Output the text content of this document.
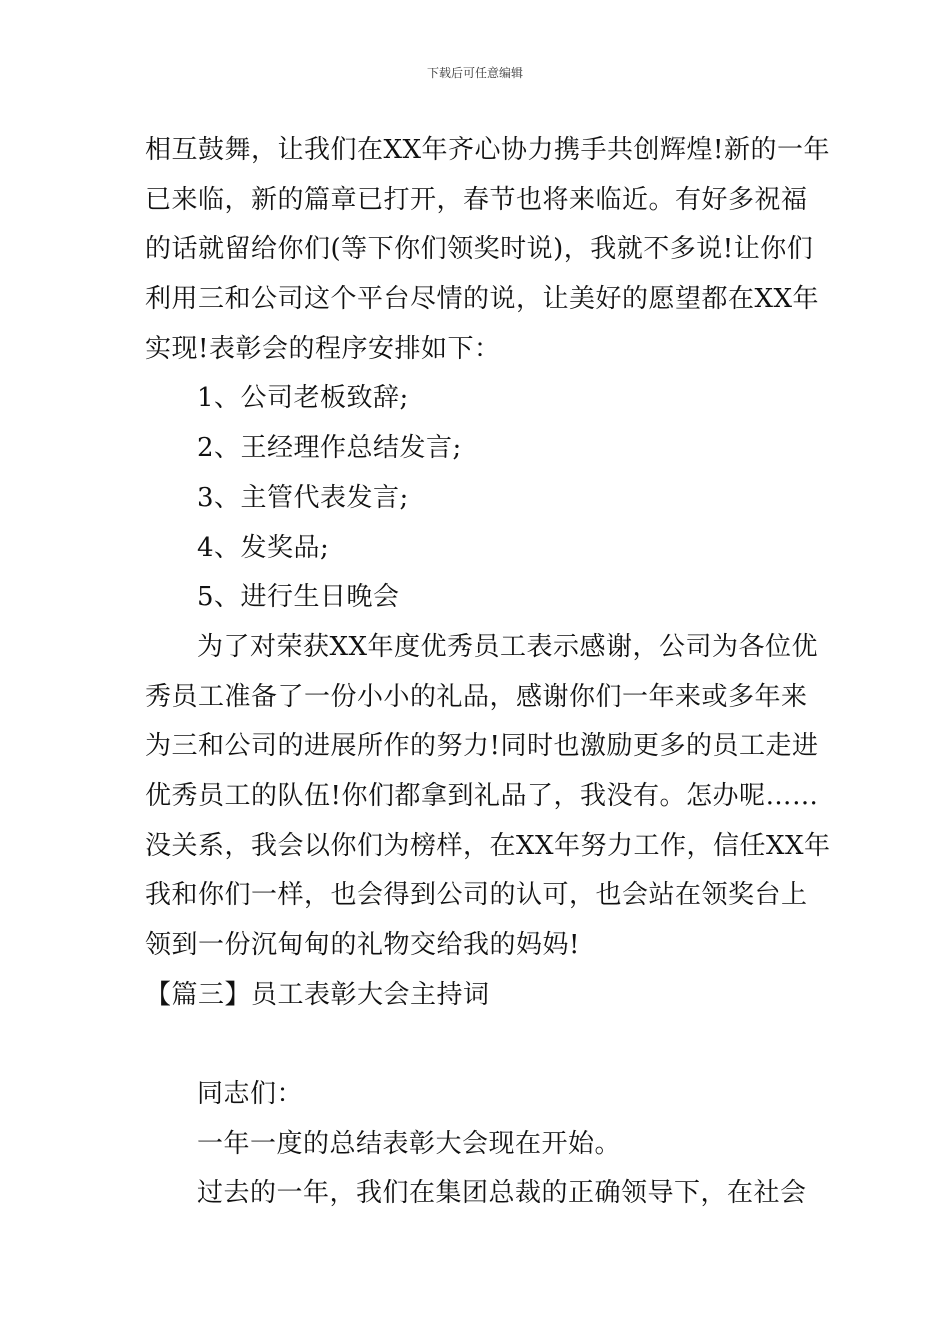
下载后可任意编辑
相互鼓舞，让我们在XX年齐心协力携手共创辉煌!新的一年
已来临，新的篇章已打开，春节也将来临近。有好多祝福
的话就留给你们(等下你们领奖时说)，我就不多说!让你们
利用三和公司这个平台尽情的说，让美好的愿望都在XX年
实现!表彰会的程序安排如下：
1、公司老板致辞;
2、王经理作总结发言;
3、主管代表发言;
4、发奖品;
5、进行生日晚会
为了对荣获XX年度优秀员工表示感谢，公司为各位优
秀员工准备了一份小小的礼品，感谢你们一年来或多年来
为三和公司的进展所作的努力!同时也激励更多的员工走进
优秀员工的队伍!你们都拿到礼品了，我没有。怎办呢……
没关系，我会以你们为榜样，在XX年努力工作，信任XX年
我和你们一样，也会得到公司的认可，也会站在领奖台上
领到一份沉甸甸的礼物交给我的妈妈!
【篇三】员工表彰大会主持词
同志们：
一年一度的总结表彰大会现在开始。
过去的一年，我们在集团总裁的正确领导下，在社会
